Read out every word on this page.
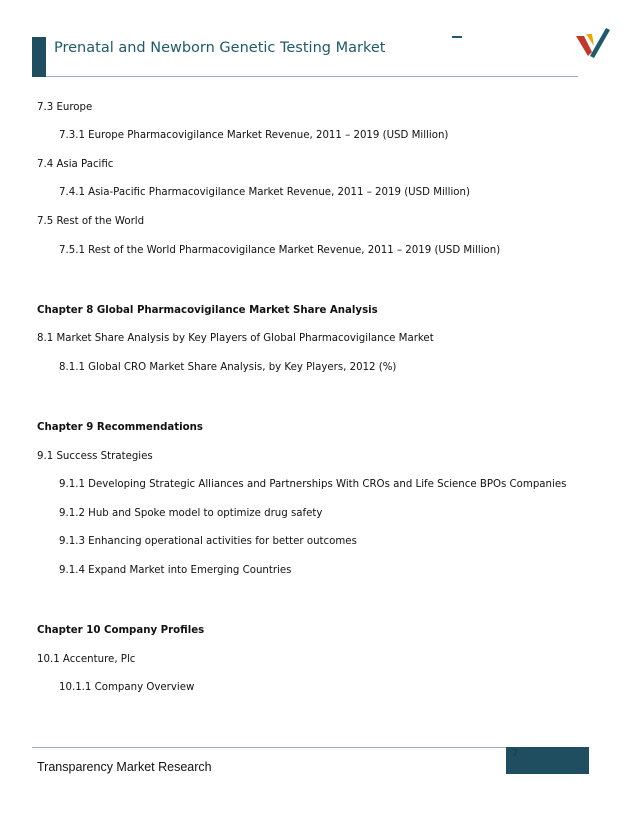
Prenatal and Newborn Genetic Testing Market
7.3 Europe
7.3.1 Europe Pharmacovigilance Market Revenue, 2011 – 2019 (USD Million)
7.4 Asia Pacific
7.4.1 Asia-Pacific Pharmacovigilance Market Revenue, 2011 – 2019 (USD Million)
7.5 Rest of the World
7.5.1 Rest of the World Pharmacovigilance Market Revenue, 2011 – 2019 (USD Million)
Chapter 8 Global Pharmacovigilance Market Share Analysis
8.1 Market Share Analysis by Key Players of Global Pharmacovigilance Market
8.1.1 Global CRO Market Share Analysis, by Key Players, 2012 (%)
Chapter 9 Recommendations
9.1 Success Strategies
9.1.1 Developing Strategic Alliances and Partnerships With CROs and Life Science BPOs Companies
9.1.2 Hub and Spoke model to optimize drug safety
9.1.3 Enhancing operational activities for better outcomes
9.1.4 Expand Market into Emerging Countries
Chapter 10 Company Profiles
10.1 Accenture, Plc
10.1.1 Company Overview
7
Transparency Market Research
